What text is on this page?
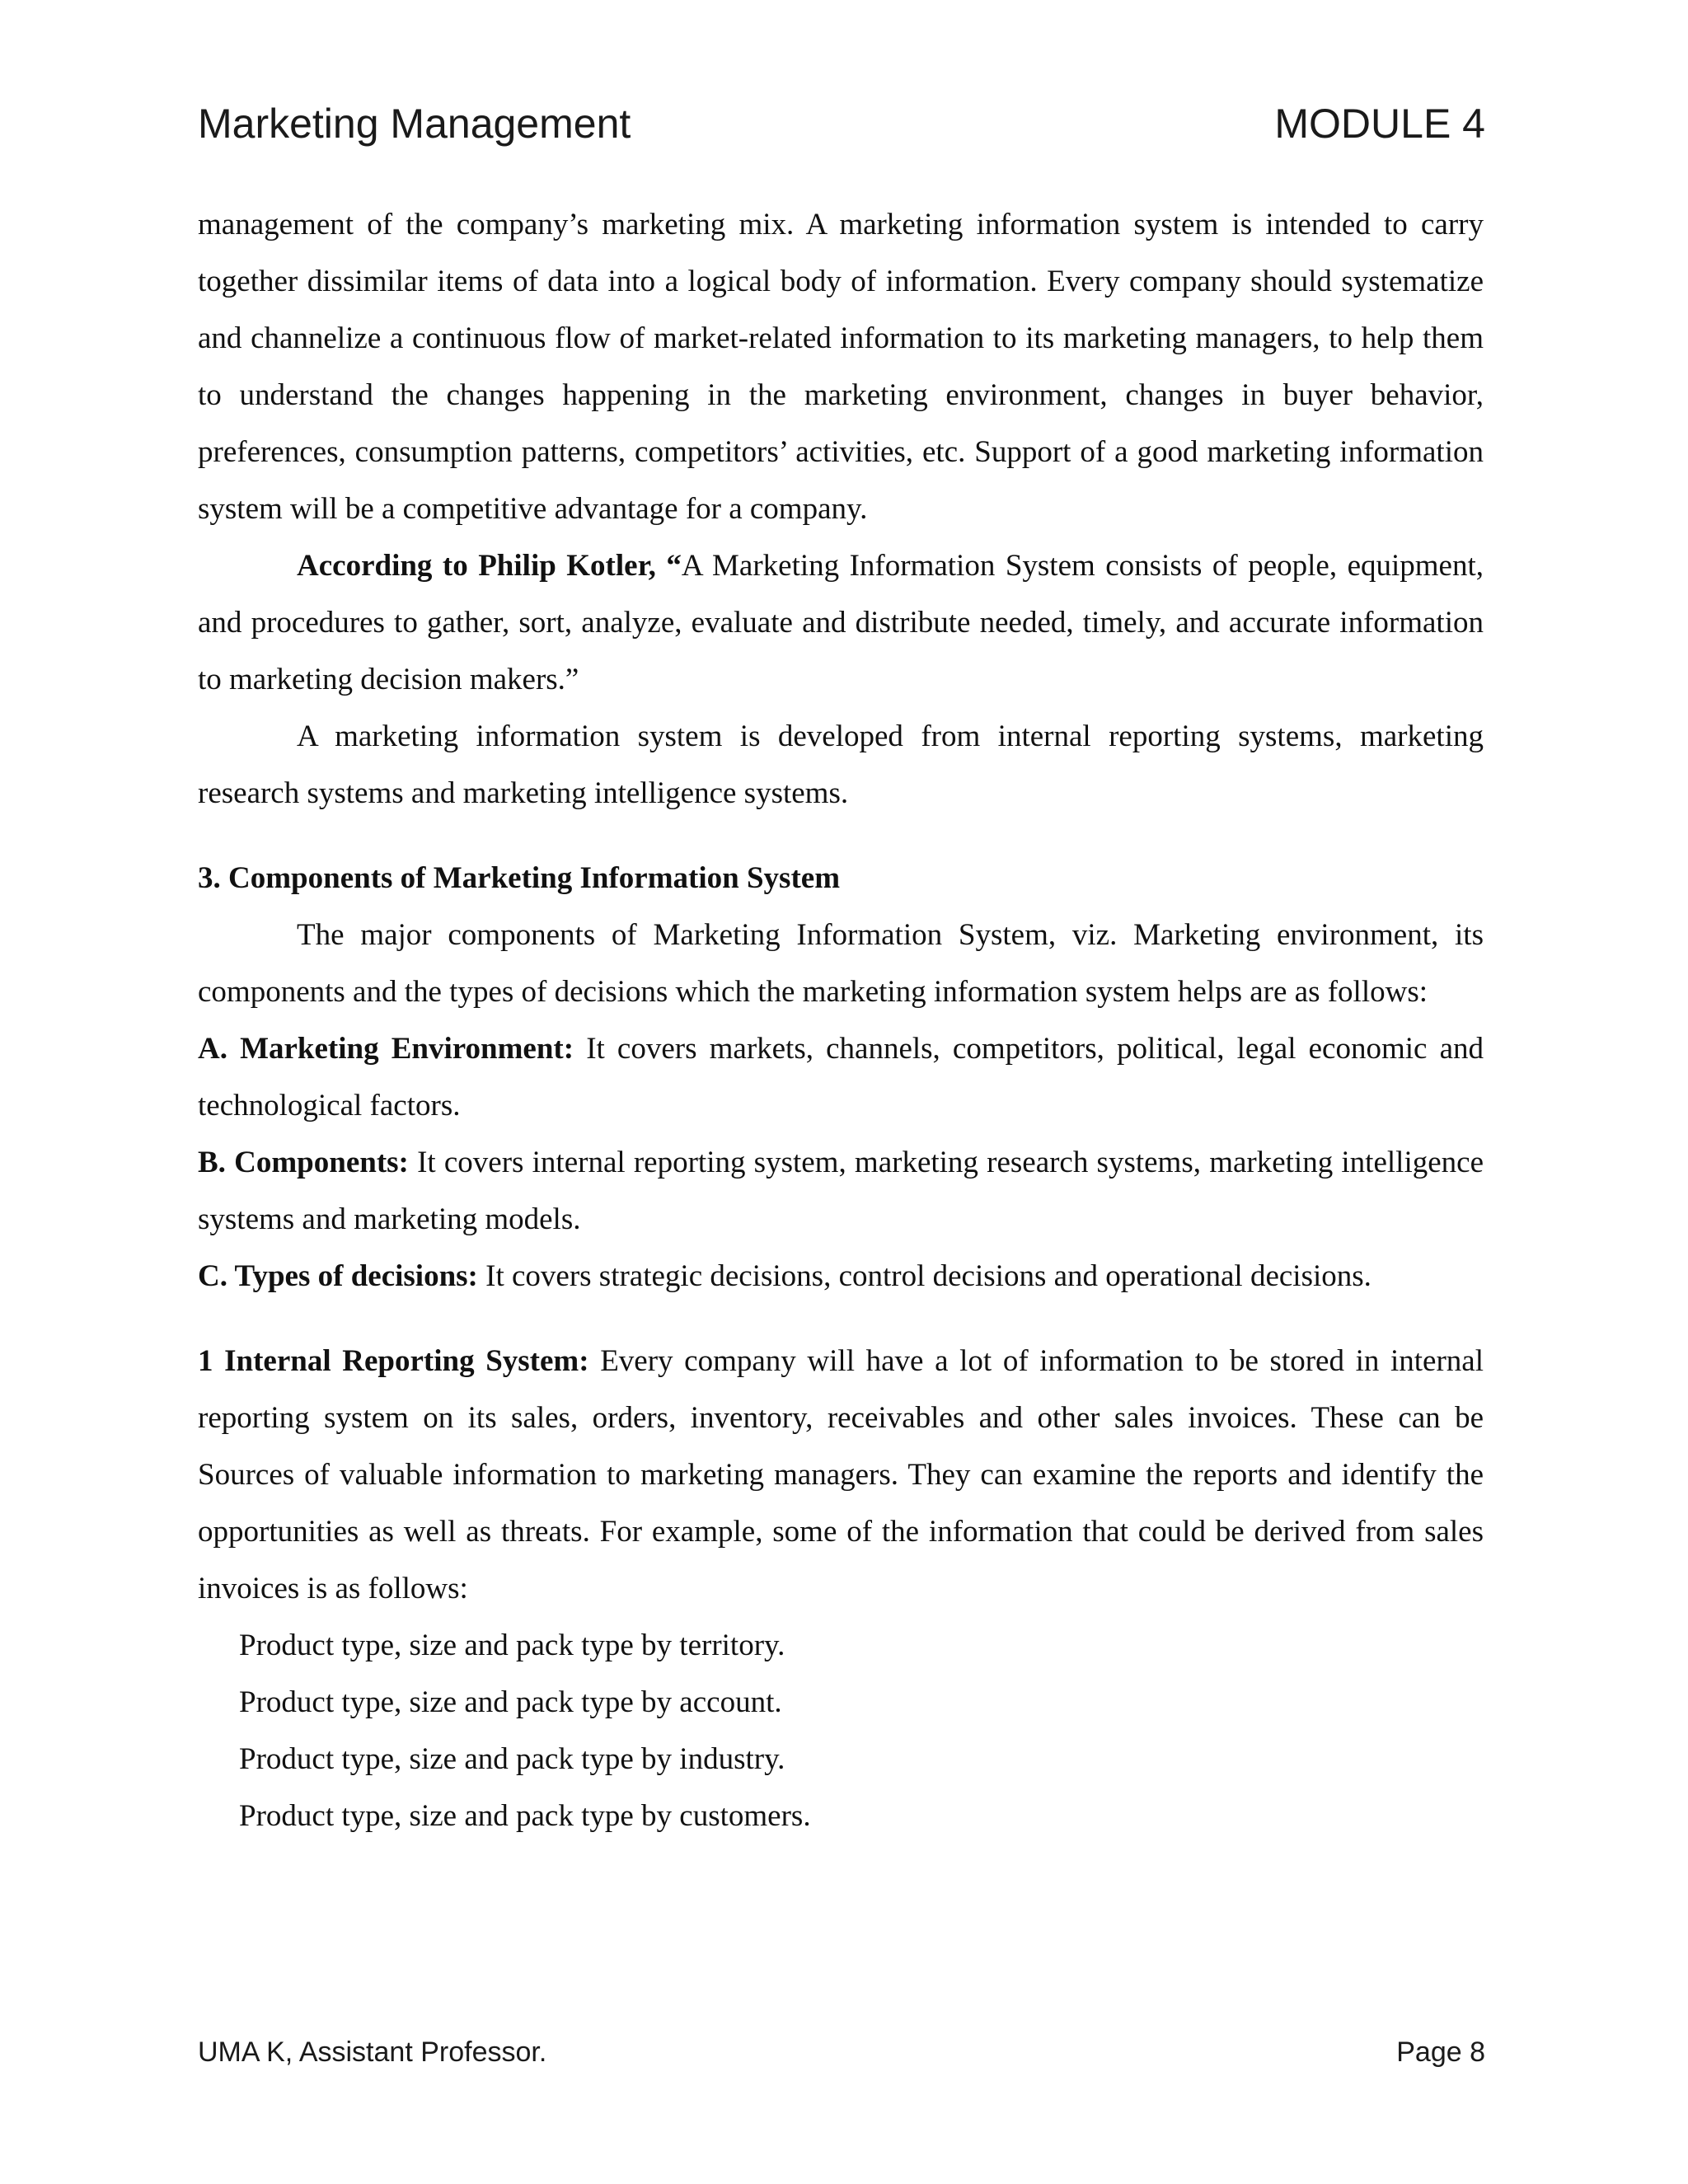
Marketing Management	MODULE 4

management of the company’s marketing mix. A marketing information system is intended to carry together dissimilar items of data into a logical body of information. Every company should systematize and channelize a continuous flow of market-related information to its marketing managers, to help them to understand the changes happening in the marketing environment, changes in buyer behavior, preferences, consumption patterns, competitors’ activities, etc. Support of a good marketing information system will be a competitive advantage for a company.

According to Philip Kotler, “A Marketing Information System consists of people, equipment, and procedures to gather, sort, analyze, evaluate and distribute needed, timely, and accurate information to marketing decision makers.”

A marketing information system is developed from internal reporting systems, marketing research systems and marketing intelligence systems.

3. Components of Marketing Information System

The major components of Marketing Information System, viz. Marketing environment, its components and the types of decisions which the marketing information system helps are as follows:

A. Marketing Environment: It covers markets, channels, competitors, political, legal economic and technological factors.

B. Components: It covers internal reporting system, marketing research systems, marketing intelligence systems and marketing models.

C. Types of decisions: It covers strategic decisions, control decisions and operational decisions.

1 Internal Reporting System: Every company will have a lot of information to be stored in internal reporting system on its sales, orders, inventory, receivables and other sales invoices. These can be Sources of valuable information to marketing managers. They can examine the reports and identify the opportunities as well as threats. For example, some of the information that could be derived from sales invoices is as follows:

Product type, size and pack type by territory.
Product type, size and pack type by account.
Product type, size and pack type by industry.
Product type, size and pack type by customers.
UMA K, Assistant Professor.	Page 8
